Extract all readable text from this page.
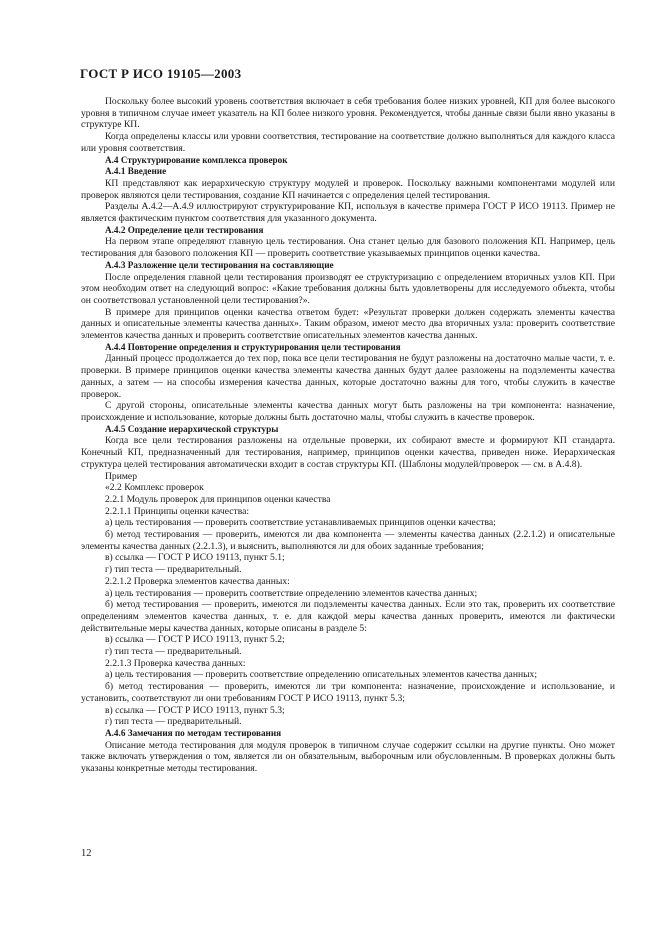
ГОСТ Р ИСО 19105—2003

Поскольку более высокий уровень соответствия включает в себя требования более низких уровней, КП для более высокого уровня в типичном случае имеет указатель на КП более низкого уровня. Рекомендуется, чтобы данные связи были явно указаны в структуре КП.

Когда определены классы или уровни соответствия, тестирование на соответствие должно выполняться для каждого класса или уровня соответствия.

А.4 Структурирование комплекса проверок

А.4.1 Введение

КП представляют как иерархическую структуру модулей и проверок. Поскольку важными компонентами модулей или проверок являются цели тестирования, создание КП начинается с определения целей тестирования.

Разделы А.4.2—А.4.9 иллюстрируют структурирование КП, используя в качестве примера ГОСТ Р ИСО 19113. Пример не является фактическим пунктом соответствия для указанного документа.

А.4.2 Определение цели тестирования

На первом этапе определяют главную цель тестирования. Она станет целью для базового положения КП. Например, цель тестирования для базового положения КП — проверить соответствие указываемых принципов оценки качества.

А.4.3 Разложение цели тестирования на составляющие

После определения главной цели тестирования производят ее структуризацию с определением вторичных узлов КП. При этом необходим ответ на следующий вопрос: «Какие требования должны быть удовлетворены для исследуемого объекта, чтобы он соответствовал установленной цели тестирования?».

В примере для принципов оценки качества ответом будет: «Результат проверки должен содержать элементы качества данных и описательные элементы качества данных». Таким образом, имеют место два вторичных узла: проверить соответствие элементов качества данных и проверить соответствие описательных элементов качества данных.

А.4.4 Повторение определения и структурирования цели тестирования

Данный процесс продолжается до тех пор, пока все цели тестирования не будут разложены на достаточно малые части, т. е. проверки. В примере принципов оценки качества элементы качества данных будут далее разложены на подэлементы качества данных, а затем — на способы измерения качества данных, которые достаточно важны для того, чтобы служить в качестве проверок.

С другой стороны, описательные элементы качества данных могут быть разложены на три компонента: назначение, происхождение и использование, которые должны быть достаточно малы, чтобы служить в качестве проверок.

А.4.5 Создание иерархической структуры

Когда все цели тестирования разложены на отдельные проверки, их собирают вместе и формируют КП стандарта. Конечный КП, предназначенный для тестирования, например, принципов оценки качества, приведен ниже. Иерархическая структура целей тестирования автоматически входит в состав структуры КП. (Шаблоны модулей/проверок — см. в А.4.8).

Пример

«2.2 Комплекс проверок

2.2.1 Модуль проверок для принципов оценки качества

2.2.1.1 Принципы оценки качества:

а) цель тестирования — проверить соответствие устанавливаемых принципов оценки качества;

б) метод тестирования — проверить, имеются ли два компонента — элементы качества данных (2.2.1.2) и описательные элементы качества данных (2.2.1.3), и выяснить, выполняются ли для обоих заданные требования;

в) ссылка — ГОСТ Р ИСО 19113, пункт 5.1;

г) тип теста — предварительный.

2.2.1.2 Проверка элементов качества данных:

а) цель тестирования — проверить соответствие определению элементов качества данных;

б) метод тестирования — проверить, имеются ли подэлементы качества данных. Если это так, проверить их соответствие определениям элементов качества данных, т. е. для каждой меры качества данных проверить, имеются ли фактически действительные меры качества данных, которые описаны в разделе 5:

в) ссылка — ГОСТ Р ИСО 19113, пункт 5.2;

г) тип теста — предварительный.

2.2.1.3 Проверка качества данных:

а) цель тестирования — проверить соответствие определению описательных элементов качества данных;

б) метод тестирования — проверить, имеются ли три компонента: назначение, происхождение и использование, и установить, соответствуют ли они требованиям ГОСТ Р ИСО 19113, пункт 5.3;

в) ссылка — ГОСТ Р ИСО 19113, пункт 5.3;

г) тип теста — предварительный.

А.4.6 Замечания по методам тестирования

Описание метода тестирования для модуля проверок в типичном случае содержит ссылки на другие пункты. Оно может также включать утверждения о том, является ли он обязательным, выборочным или обусловленным. В проверках должны быть указаны конкретные методы тестирования.

12
